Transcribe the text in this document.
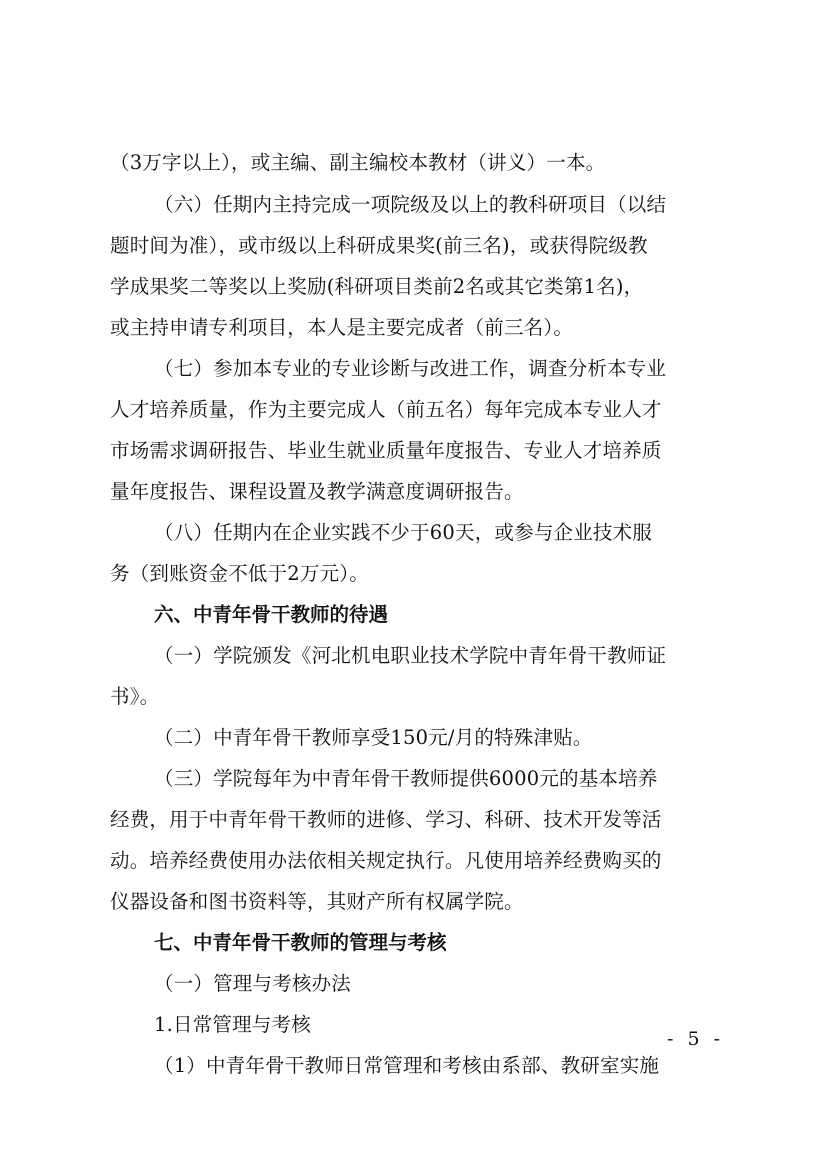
（3万字以上），或主编、副主编校本教材（讲义）一本。
（六）任期内主持完成一项院级及以上的教科研项目（以结
题时间为准），或市级以上科研成果奖(前三名)，或获得院级教
学成果奖二等奖以上奖励(科研项目类前2名或其它类第1名)，
或主持申请专利项目，本人是主要完成者（前三名）。
（七）参加本专业的专业诊断与改进工作，调查分析本专业
人才培养质量，作为主要完成人（前五名）每年完成本专业人才
市场需求调研报告、毕业生就业质量年度报告、专业人才培养质
量年度报告、课程设置及教学满意度调研报告。
（八）任期内在企业实践不少于60天，或参与企业技术服
务（到账资金不低于2万元）。
六、中青年骨干教师的待遇
（一）学院颁发《河北机电职业技术学院中青年骨干教师证
书》。
（二）中青年骨干教师享受150元/月的特殊津贴。
（三）学院每年为中青年骨干教师提供6000元的基本培养
经费，用于中青年骨干教师的进修、学习、科研、技术开发等活
动。培养经费使用办法依相关规定执行。凡使用培养经费购买的
仪器设备和图书资料等，其财产所有权属学院。
七、中青年骨干教师的管理与考核
（一）管理与考核办法
1.日常管理与考核
（1）中青年骨干教师日常管理和考核由系部、教研室实施
- 5 -
